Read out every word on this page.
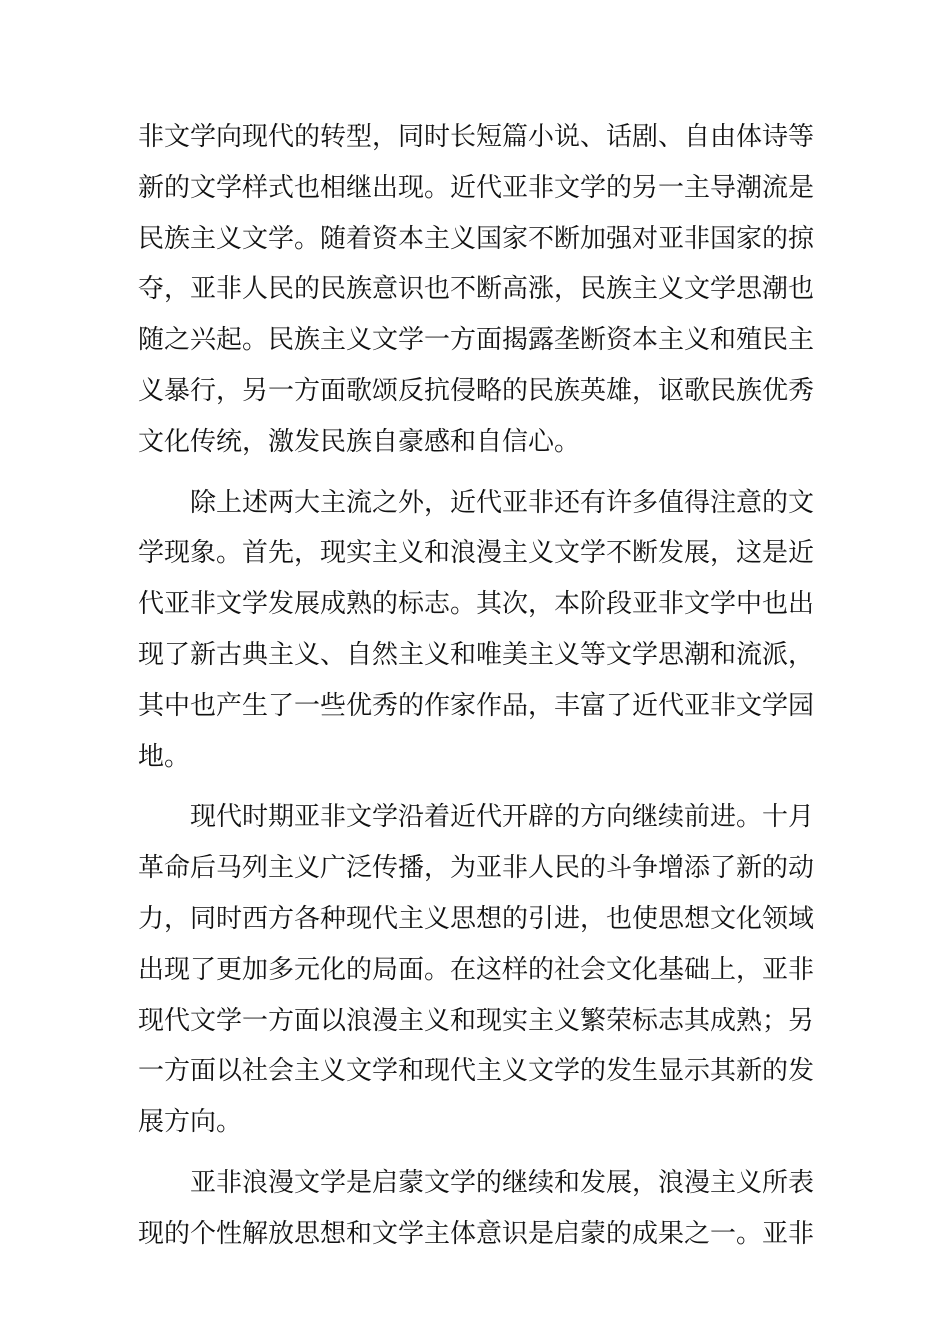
非文学向现代的转型，同时长短篇小说、话剧、自由体诗等
新的文学样式也相继出现。近代亚非文学的另一主导潮流是
民族主义文学。随着资本主义国家不断加强对亚非国家的掠
夺，亚非人民的民族意识也不断高涨，民族主义文学思潮也
随之兴起。民族主义文学一方面揭露垄断资本主义和殖民主
义暴行，另一方面歌颂反抗侵略的民族英雄，讴歌民族优秀
文化传统，激发民族自豪感和自信心。
除上述两大主流之外，近代亚非还有许多值得注意的文
学现象。首先，现实主义和浪漫主义文学不断发展，这是近
代亚非文学发展成熟的标志。其次，本阶段亚非文学中也出
现了新古典主义、自然主义和唯美主义等文学思潮和流派，
其中也产生了一些优秀的作家作品，丰富了近代亚非文学园
地。
现代时期亚非文学沿着近代开辟的方向继续前进。十月
革命后马列主义广泛传播，为亚非人民的斗争增添了新的动
力，同时西方各种现代主义思想的引进，也使思想文化领域
出现了更加多元化的局面。在这样的社会文化基础上，亚非
现代文学一方面以浪漫主义和现实主义繁荣标志其成熟；另
一方面以社会主义文学和现代主义文学的发生显示其新的发
展方向。
亚非浪漫文学是启蒙文学的继续和发展，浪漫主义所表
现的个性解放思想和文学主体意识是启蒙的成果之一。亚非
